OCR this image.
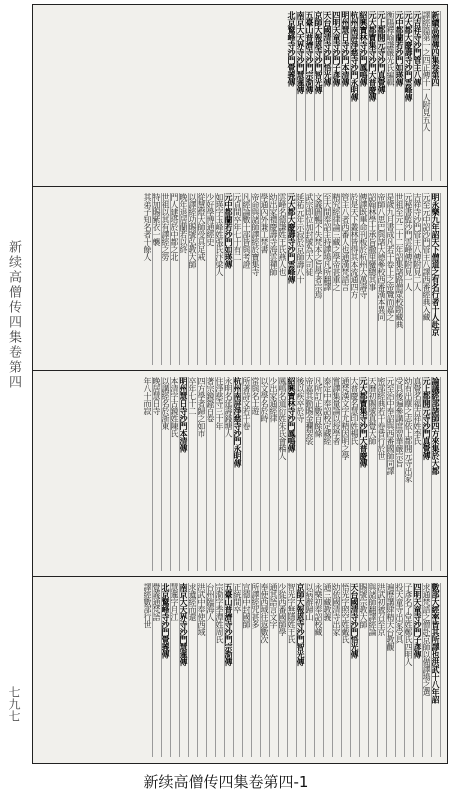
新續高僧傳四集卷第四
譯經篇第一之四正傳十一人附見五人
元吉祥寺沙門管主八傳
元大都大慶壽寺沙門雲峰傳
元中都蘭若沙門如瑛傳
衡陽釋喻謙嚴光氏編輯
元上都開元寺沙門真覺傳
元大都寶集寺沙門大普慶傳
紹興寶林寺沙門鳳鳴傳
杭州南屏淨慈寺沙門永明傳
明州慧日寺沙門本清傳
四明天童寺沙門子彥傳
天台國清寺沙門悟光傳
京師大報恩寺沙門智光傳
五臺山普濟寺沙門宗泐傳
南京大天界寺沙門慧暹傳
北京鷲峰寺沙門覺義傳
明永樂九年詔天下僧道之有名行者十人赴京
元至元中詔沙門管主八譯西番經典入藏
吉祥寺沙門管主八傳附見二人
元秘書監沙門雲峰傳附見一人
世祖至元二十二年詔集諸路僧眾校勘藏典
是歲九月書成凡若干卷上之帝覽而嘉之
帝師八思巴與諸大德參校西番漢本異同
詔翰林學士承旨撒里蠻總其事
傳譯既畢命刊板於杭州大萬壽寺
於是天下叢林皆得其本流通四方
管主八者西番人也通漢梵語言
精究經律論三藏之學帝甚重之
至大間奉詔主持譯場凡所翻譯
文義圓暢不失梵本之旨學者宗焉
武宗即位加封號為大司徒
延祐元年示寂於京師壽八十
元大都大慶壽寺沙門雲峰傳
雲峰名德謙姓王氏燕人也
幼出家禮慶壽寺海雲禪師
學通內外兼工梵書
帝命與諸師譯經於寶集寺
凡經論數十部皆與考證
元貞間卒年七十有二
元中都蘭若沙門如瑛傳
如瑛字玉峰姓張氏汴梁人
少好學博通經史
從慧燈大師受具足戒
以譯經功賜號弘教大師
晚年退居蘭若以終
門人建塔於中都之北
世祖以其有譯經之勞
特加賜紫衣一襲
其弟子知名者十餘人
論議經部諸師四方來集於大都
元上都開元寺沙門真覺傳
真覺名福吉祥姓李氏
幼有出塵之志依上都開元寺出家
受具後遍參講席習華嚴宗旨
元至治中奉詔與西番國師同譯
密部經典若干卷皆行於世
天曆初賜號真覺大師
元大都寶集寺沙門大普慶傳
大普慶名慧印姓楊氏
通梵漢文字尤精因明之學
嘗譯集量論以授學者
泰定中奉詔校定藏經
凡所訂正數百餘條
帝嘉其勤賜金襴袈裟
後以疾卒於寺
紹興寶林寺沙門鳳鳴傳
鳳鳴名道衍姓朱氏會稽人
少出家通經律
以文學名於時
常與名士遊
所著詩文若干卷
杭州南屏淨慈寺沙門永明傳
永明名延壽錢塘人
住淨慈寺三十年
著宗鏡錄百卷
四方學者歸之如市
卒年七十二
明州慧日寺沙門本清傳
本清字古鏡姓陳氏
以講經名於浙東
晚居慧日寺
年八十而寂
數部大經率皆其所譯也洪武十八年詔
求通梵語之僧赴京師以備譯場之選
四明天童寺沙門子彥傳
子彥名了堂姓鄭氏四明人
投天童寺出家受具
遍歷講肆精天台教觀
洪武初被召至京
與諸師翻譯經論
賜號宗教大師
天台國清寺沙門悟光傳
悟光字照空姓戴氏
幼依國清寺出家
通三藏教義
永樂初奉詔校藏
以病辭歸山
京師大報恩寺沙門智光傳
智光字無隱姓王氏
少從西番國師學
通其語言文字
奉使西域往返數次
所譯經咒甚多
宣德中封國師
正統間卒
五臺山普濟寺沙門宗泐傳
宗泐字季潭姓周氏
台州臨海人
洪武中奉使西域
求遺經而還
南京大天界寺沙門慧暹傳
慧暹字月江
北京鷲峰寺沙門覺義傳
覺義通梵語
譯經數部行世
新续高僧传四集卷第四
七九七
新续高僧传四集卷第四-1
